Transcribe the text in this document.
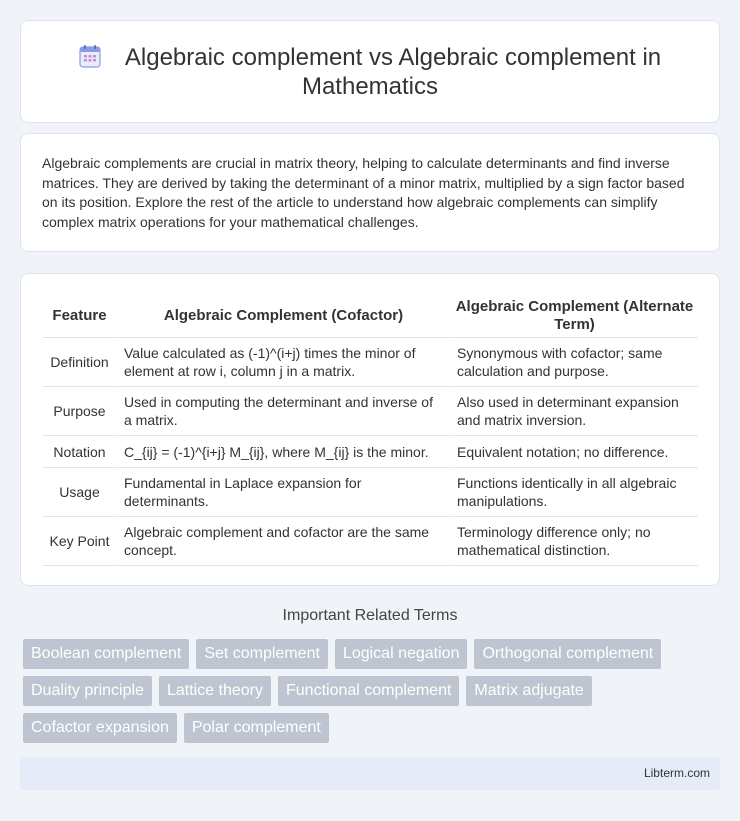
Algebraic complement vs Algebraic complement in Mathematics

Algebraic complements are crucial in matrix theory, helping to calculate determinants and find inverse matrices. They are derived by taking the determinant of a minor matrix, multiplied by a sign factor based on its position. Explore the rest of the article to understand how algebraic complements can simplify complex matrix operations for your mathematical challenges.

Feature	Algebraic Complement (Cofactor)	Algebraic Complement (Alternate Term)
Definition	Value calculated as (-1)^(i+j) times the minor of element at row i, column j in a matrix.	Synonymous with cofactor; same calculation and purpose.
Purpose	Used in computing the determinant and inverse of a matrix.	Also used in determinant expansion and matrix inversion.
Notation	C_{ij} = (-1)^{i+j} M_{ij}, where M_{ij} is the minor.	Equivalent notation; no difference.
Usage	Fundamental in Laplace expansion for determinants.	Functions identically in all algebraic manipulations.
Key Point	Algebraic complement and cofactor are the same concept.	Terminology difference only; no mathematical distinction.
Important Related Terms
Boolean complement	Set complement	Logical negation	Orthogonal complement
Duality principle	Lattice theory	Functional complement	Matrix adjugate
Cofactor expansion	Polar complement
Libterm.com
